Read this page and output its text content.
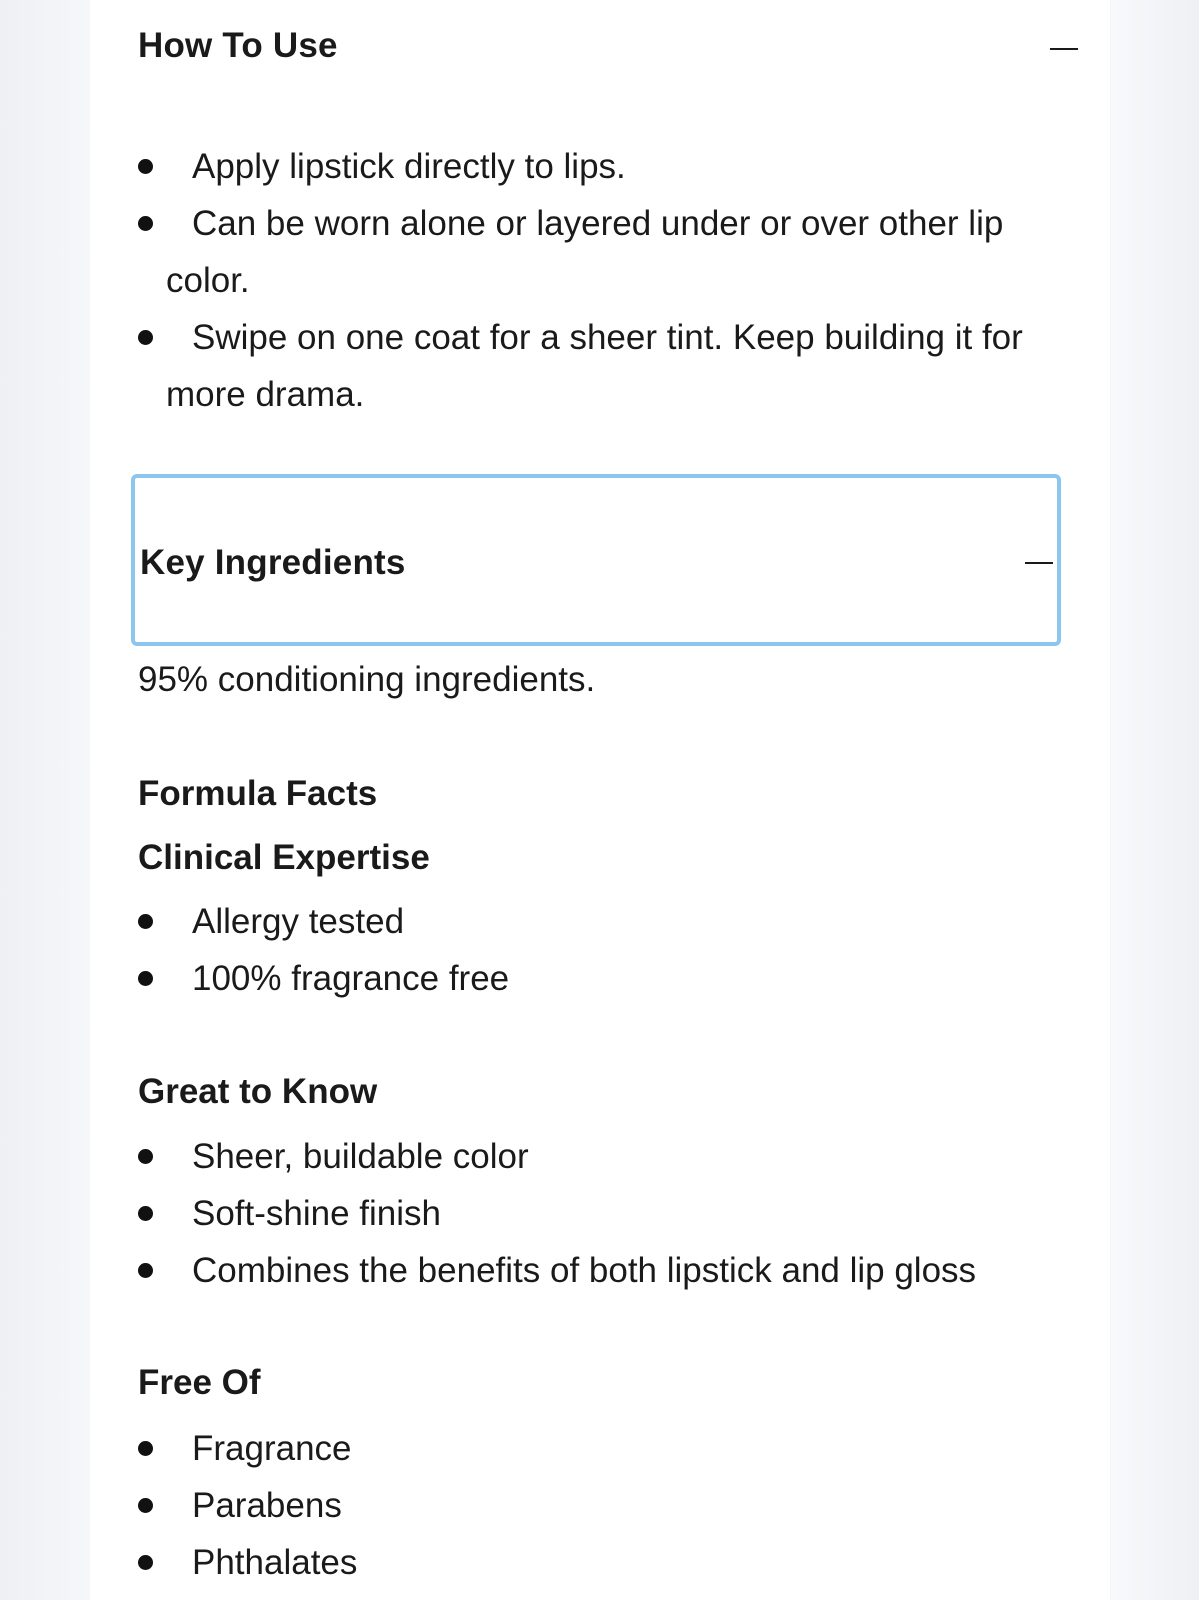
How To Use
Apply lipstick directly to lips.
Can be worn alone or layered under or over other lip color.
Swipe on one coat for a sheer tint. Keep building it for more drama.
Key Ingredients
95% conditioning ingredients.
Formula Facts
Clinical Expertise
Allergy tested
100% fragrance free
Great to Know
Sheer, buildable color
Soft-shine finish
Combines the benefits of both lipstick and lip gloss
Free Of
Fragrance
Parabens
Phthalates
